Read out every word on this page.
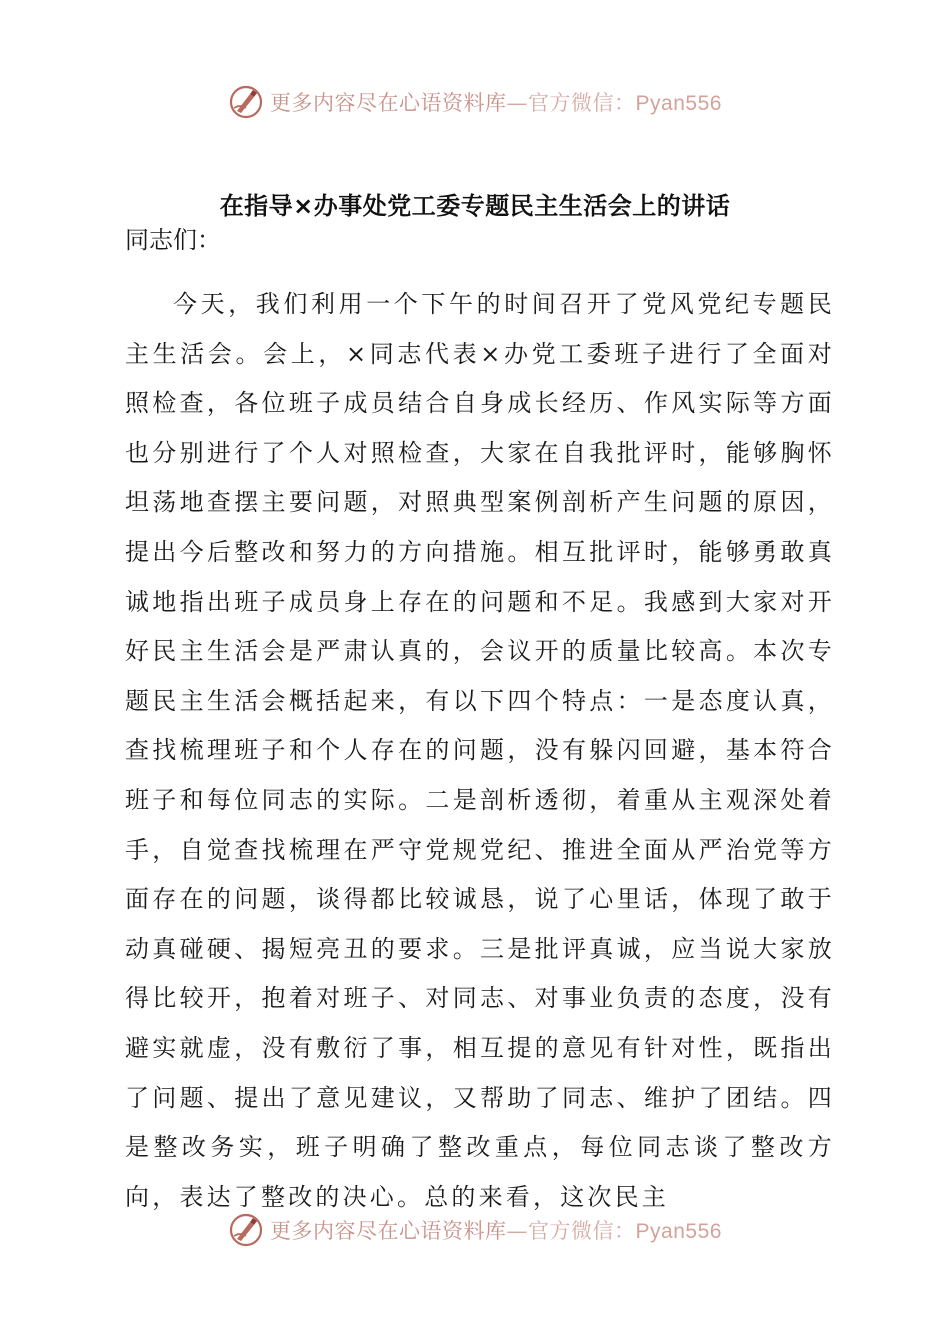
更多内容尽在心语资料库—官方微信：Pyan556
在指导×办事处党工委专题民主生活会上的讲话
同志们：

今天，我们利用一个下午的时间召开了党风党纪专题民主生活会。会上，×同志代表×办党工委班子进行了全面对照检查，各位班子成员结合自身成长经历、作风实际等方面也分别进行了个人对照检查，大家在自我批评时，能够胸怀坦荡地查摆主要问题，对照典型案例剖析产生问题的原因，提出今后整改和努力的方向措施。相互批评时，能够勇敢真诚地指出班子成员身上存在的问题和不足。我感到大家对开好民主生活会是严肃认真的，会议开的质量比较高。本次专题民主生活会概括起来，有以下四个特点：一是态度认真，查找梳理班子和个人存在的问题，没有躲闪回避，基本符合班子和每位同志的实际。二是剖析透彻，着重从主观深处着手，自觉查找梳理在严守党规党纪、推进全面从严治党等方面存在的问题，谈得都比较诚恳，说了心里话，体现了敢于动真碰硬、揭短亮丑的要求。三是批评真诚，应当说大家放得比较开，抱着对班子、对同志、对事业负责的态度，没有避实就虚，没有敷衍了事，相互提的意见有针对性，既指出了问题、提出了意见建议，又帮助了同志、维护了团结。四是整改务实，班子明确了整改重点，每位同志谈了整改方向，表达了整改的决心。总的来看，这次民主

更多内容尽在心语资料库—官方微信：Pyan556
